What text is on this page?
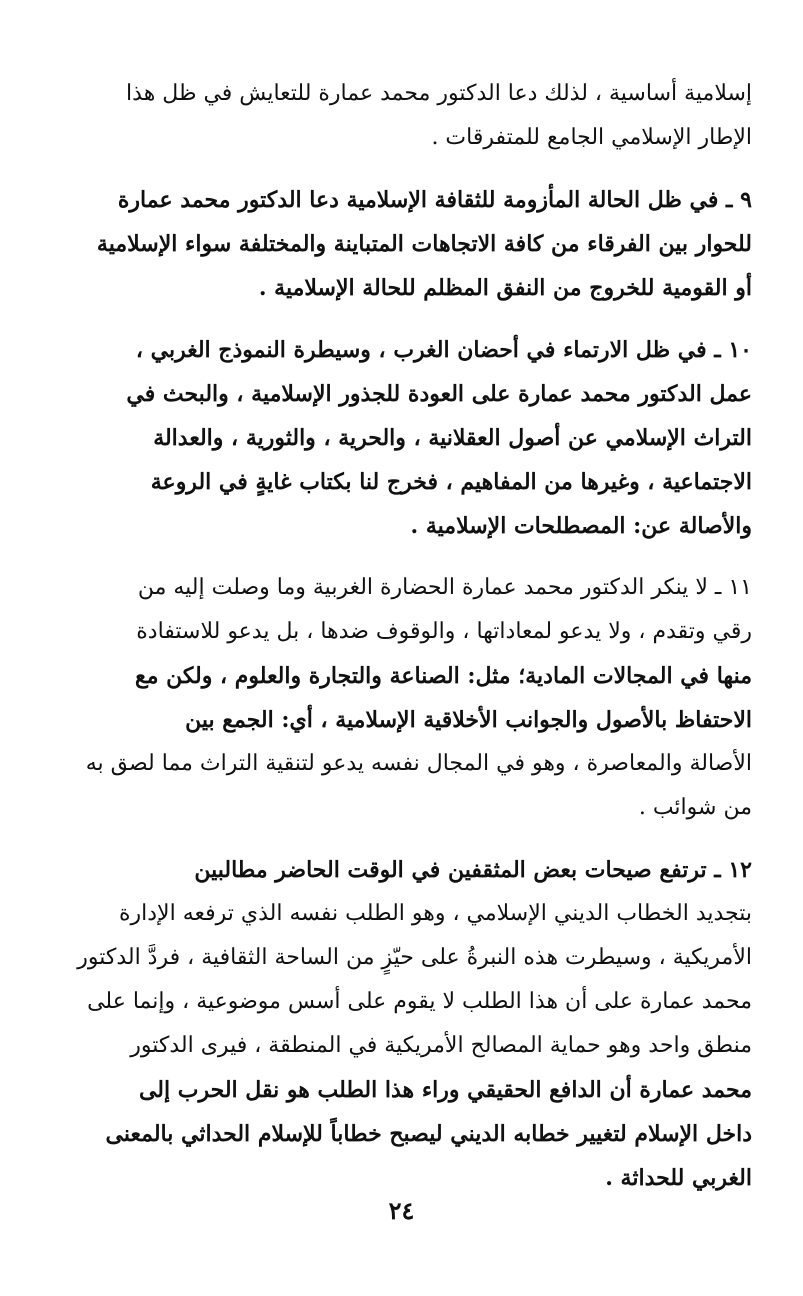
إسلامية أساسية ، لذلك دعا الدكتور محمد عمارة للتعايش في ظل هذا
الإطار الإسلامي الجامع للمتفرقات .

٩ ـ في ظل الحالة المأزومة للثقافة الإسلامية دعا الدكتور محمد عمارة
للحوار بين الفرقاء من كافة الاتجاهات المتباينة والمختلفة سواء الإسلامية
أو القومية للخروج من النفق المظلم للحالة الإسلامية .

١٠ ـ في ظل الارتماء في أحضان الغرب ، وسيطرة النموذج الغربي ،
عمل الدكتور محمد عمارة على العودة للجذور الإسلامية ، والبحث في
التراث الإسلامي عن أصول العقلانية ، والحرية ، والثورية ، والعدالة
الاجتماعية ، وغيرها من المفاهيم ، فخرج لنا بكتاب غايةٍ في الروعة
والأصالة عن: المصطلحات الإسلامية .

١١ ـ لا ينكر الدكتور محمد عمارة الحضارة الغربية وما وصلت إليه من
رقي وتقدم ، ولا يدعو لمعاداتها ، والوقوف ضدها ، بل يدعو للاستفادة
منها في المجالات المادية؛ مثل: الصناعة والتجارة والعلوم ، ولكن مع
الاحتفاظ بالأصول والجوانب الأخلاقية الإسلامية ، أي: الجمع بين
الأصالة والمعاصرة ، وهو في المجال نفسه يدعو لتنقية التراث مما لصق به
من شوائب .

١٢ ـ ترتفع صيحات بعض المثقفين في الوقت الحاضر مطالبين
بتجديد الخطاب الديني الإسلامي ، وهو الطلب نفسه الذي ترفعه الإدارة
الأمريكية ، وسيطرت هذه النبرةُ على حيّزٍ من الساحة الثقافية ، فردَّ الدكتور
محمد عمارة على أن هذا الطلب لا يقوم على أسس موضوعية ، وإنما على
منطق واحد وهو حماية المصالح الأمريكية في المنطقة ، فيرى الدكتور
محمد عمارة أن الدافع الحقيقي وراء هذا الطلب هو نقل الحرب إلى
داخل الإسلام لتغيير خطابه الديني ليصبح خطاباً للإسلام الحداثي بالمعنى
الغربي للحداثة .

٢٤
